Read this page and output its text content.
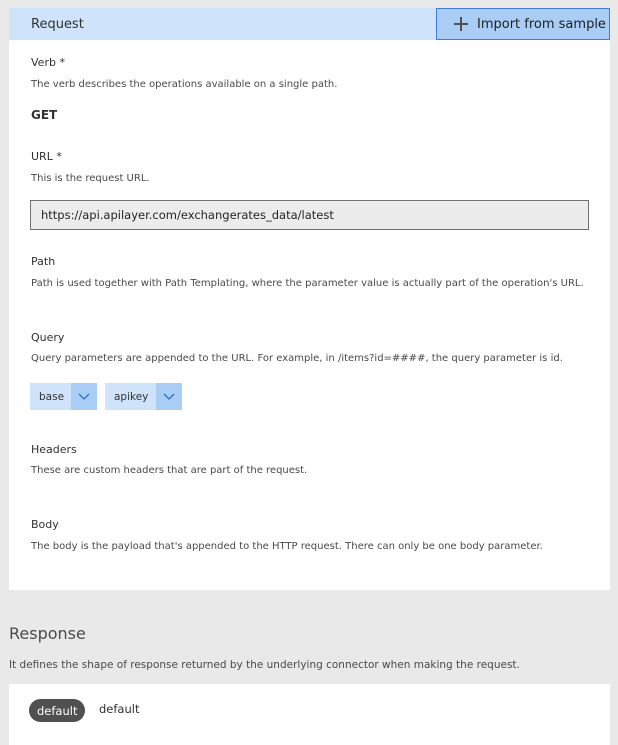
Request	Import from sample
Verb *
The verb describes the operations available on a single path.
GET
URL *
This is the request URL.
https://api.apilayer.com/exchangerates_data/latest
Path
Path is used together with Path Templating, where the parameter value is actually part of the operation's URL.
Query
Query parameters are appended to the URL. For example, in /items?id=####, the query parameter is id.
base	apikey
Headers
These are custom headers that are part of the request.
Body
The body is the payload that's appended to the HTTP request. There can only be one body parameter.
Response
It defines the shape of response returned by the underlying connector when making the request.
default	default
